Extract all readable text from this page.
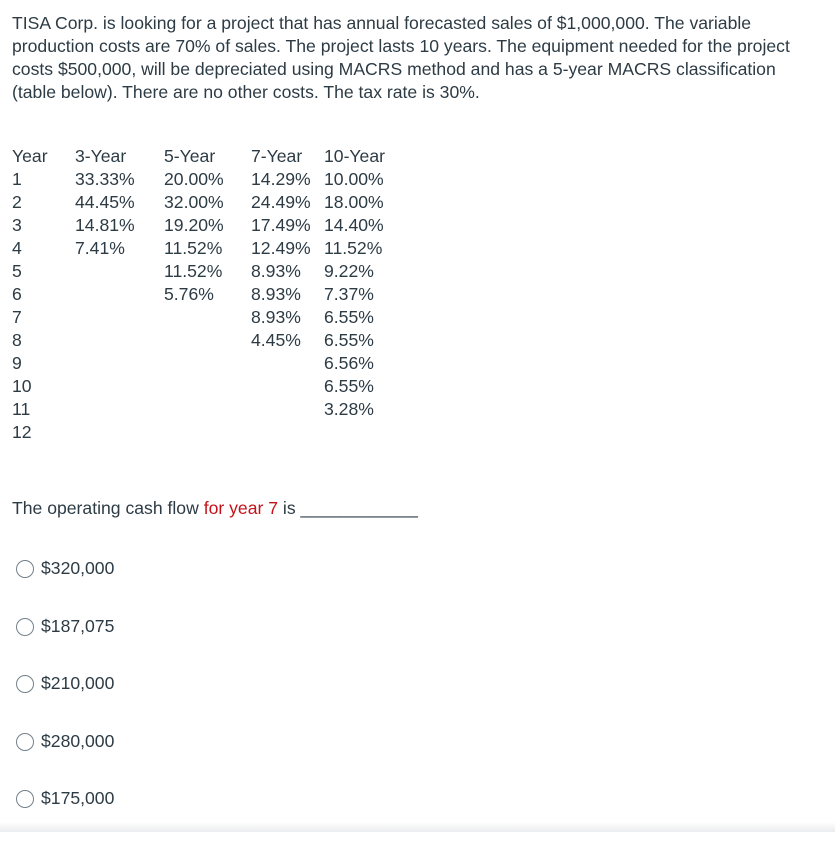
TISA Corp. is looking for a project that has annual forecasted sales of $1,000,000. The variable production costs are 70% of sales. The project lasts 10 years. The equipment needed for the project costs $500,000, will be depreciated using MACRS method and has a 5-year MACRS classification (table below). There are no other costs. The tax rate is 30%.

Year	3-Year	5-Year	7-Year	10-Year
1	33.33%	20.00%	14.29%	10.00%
2	44.45%	32.00%	24.49%	18.00%
3	14.81%	19.20%	17.49%	14.40%
4	7.41%	11.52%	12.49%	11.52%
5		11.52%	8.93%	9.22%
6		5.76%	8.93%	7.37%
7			8.93%	6.55%
8			4.45%	6.55%
9				6.56%
10				6.55%
11				3.28%
12				

The operating cash flow for year 7 is ____________

$320,000
$187,075
$210,000
$280,000
$175,000
